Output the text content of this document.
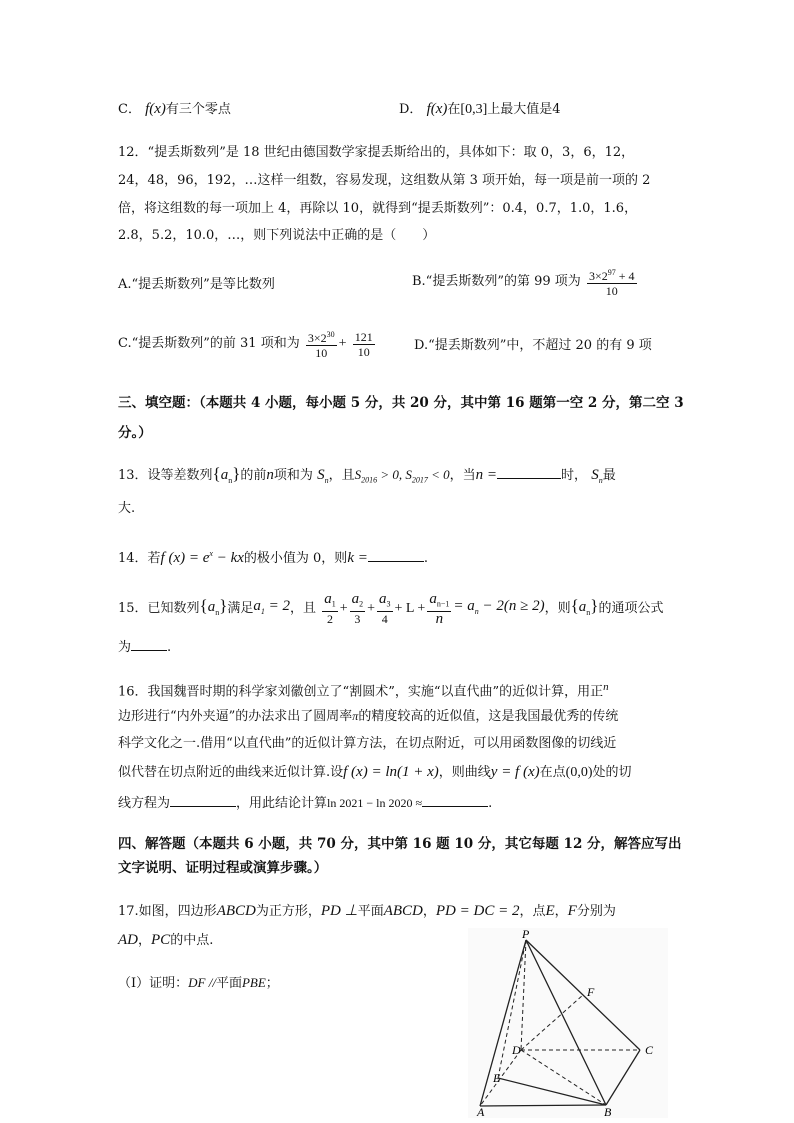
C． f(x)有三个零点	D． f(x)在[0,3]上最大值是4
12．“提丢斯数列”是 18 世纪由德国数学家提丢斯给出的，具体如下：取 0，3，6，12，
24，48，96，192，…这样一组数，容易发现，这组数从第 3 项开始，每一项是前一项的 2
倍，将这组数的每一项加上 4，再除以 10，就得到“提丢斯数列”：0.4，0.7，1.0，1.6，
2.8，5.2，10.0，…，则下列说法中正确的是（　　）
A.“提丢斯数列”是等比数列	B.“提丢斯数列”的第 99 项为 $\frac{3\times 2^{97} + 4}{10}$
C.“提丢斯数列”的前 31 项和为 $\frac{3\times 2^{30}}{10} + \frac{121}{10}$	D.“提丢斯数列”中，不超过 20 的有 9 项
三、填空题：（本题共 4 小题，每小题 5 分，共 20 分，其中第 16 题第一空 2 分，第二空 3
分。）
13．设等差数列$\{a_n\}$的前n项和为 $S_n$，且$S_{2016} > 0$, $S_{2017} < 0$，当n =	时， $S_n$最
大.
14．若f $(x) = e^x$ − kx的极小值为 0，则k =	.
15．已知数列$\{a_n\}$满足$a_1 = 2$，且 $\frac{a_1}{2} + \frac{a_2}{3} + \frac{a_3}{4} + L + \frac{a_{n-1}}{n} = a_n - 2(n \ge 2)$，则$\{a_n\}$的通项公式
为	.
16．我国魏晋时期的科学家刘徽创立了“割圆术”，实施“以直代曲”的近似计算，用正$^n$
边形进行“内外夹逼”的办法求出了圆周率π的精度较高的近似值，这是我国最优秀的传统
科学文化之一.借用“以直代曲”的近似计算方法，在切点附近，可以用函数图像的切线近
似代替在切点附近的曲线来近似计算.设f (x) = ln(1 + x)，则曲线y = f (x)在点(0,0)处的切
线方程为	，用此结论计算ln 2021 − ln 2020 ≈	.
四、解答题（本题共 6 小题，共 70 分，其中第 16 题 10 分，其它每题 12 分，解答应写出
文字说明、证明过程或演算步骤。）
17.如图，四边形ABCD为正方形，PD ⊥平面ABCD，PD = DC = 2，点E，F分别为
AD，PC的中点.
（Ⅰ）证明：DF //平面PBE；
P
F
D	C
E
A	B
